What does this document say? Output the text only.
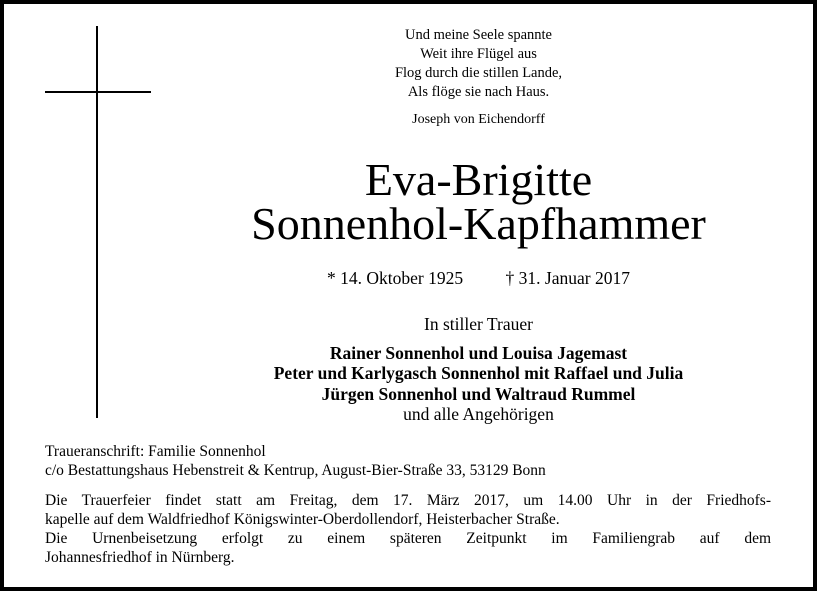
Und meine Seele spannte
Weit ihre Flügel aus
Flog durch die stillen Lande,
Als flöge sie nach Haus.
Joseph von Eichendorff
Eva-Brigitte
Sonnenhol-Kapfhammer
* 14. Oktober 1925 † 31. Januar 2017
In stiller Trauer
Rainer Sonnenhol und Louisa Jagemast
Peter und Karlygasch Sonnenhol mit Raffael und Julia
Jürgen Sonnenhol und Waltraud Rummel
und alle Angehörigen
Traueranschrift: Familie Sonnenhol
c/o Bestattungshaus Hebenstreit & Kentrup, August-Bier-Straße 33, 53129 Bonn

Die Trauerfeier findet statt am Freitag, dem 17. März 2017, um 14.00 Uhr in der Friedhofs-

kapelle auf dem Waldfriedhof Königswinter-Oberdollendorf, Heisterbacher Straße.

Die Urnenbeisetzung erfolgt zu einem späteren Zeitpunkt im Familiengrab auf dem

Johannesfriedhof in Nürnberg.
